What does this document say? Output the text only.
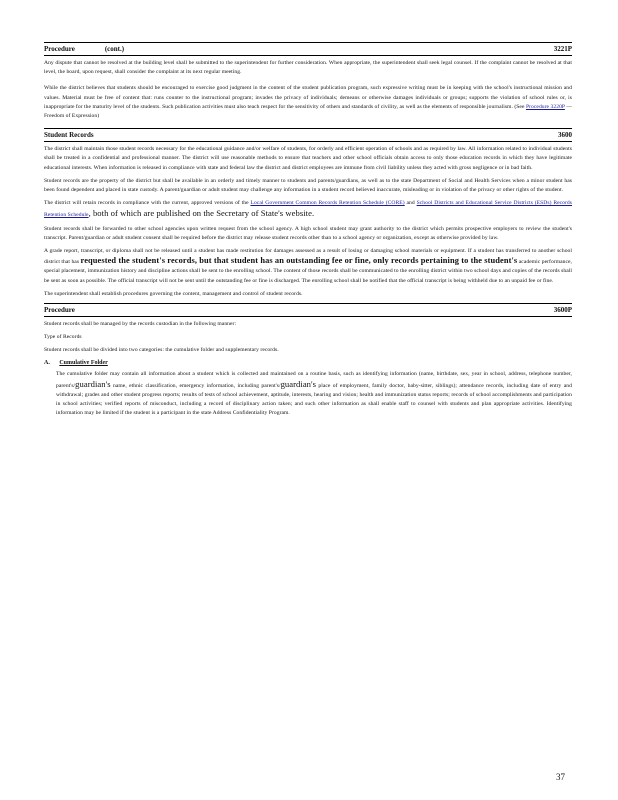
Procedure	(cont.)	3221P

Any dispute that cannot be resolved at the building level shall be submitted to the superintendent for further consideration. When appropriate, the superintendent shall seek legal counsel. If the complaint cannot be resolved at that level, the board, upon request, shall consider the complaint at its next regular meeting.

While the district believes that students should be encouraged to exercise good judgment in the content of the student publication program, such expressive writing must be in keeping with the school's instructional mission and values. Material must be free of content that: runs counter to the instructional program; invades the privacy of individuals; demeans or otherwise damages individuals or groups; supports the violation of school rules or, is inappropriate for the maturity level of the students. Such publication activities must also teach respect for the sensitivity of others and standards of civility, as well as the elements of responsible journalism. (See Procedure 3220P — Freedom of Expression)

Student Records	3600

The district shall maintain those student records necessary for the educational guidance and/or welfare of students, for orderly and efficient operation of schools and as required by law. All information related to individual students shall be treated in a confidential and professional manner. The district will use reasonable methods to ensure that teachers and other school officials obtain access to only those education records in which they have legitimate educational interests. When information is released in compliance with state and federal law the district and district employees are immune from civil liability unless they acted with gross negligence or in bad faith.

Student records are the property of the district but shall be available in an orderly and timely manner to students and parents/guardians, as well as to the state Department of Social and Health Services when a minor student has been found dependent and placed in state custody. A parent/guardian or adult student may challenge any information in a student record believed inaccurate, misleading or in violation of the privacy or other rights of the student.

The district will retain records in compliance with the current, approved versions of the Local Government Common Records Retention Schedule (CORE) and School Districts and Educational Service Districts (ESDs) Records Retention Schedule, both of which are published on the Secretary of State's website.

Student records shall be forwarded to other school agencies upon written request from the school agency. A high school student may grant authority to the district which permits prospective employers to review the student's transcript. Parent/guardian or adult student consent shall be required before the district may release student records other than to a school agency or organization, except as otherwise provided by law.

A grade report, transcript, or diploma shall not be released until a student has made restitution for damages assessed as a result of losing or damaging school materials or equipment. If a student has transferred to another school district that has requested the student's records, but that student has an outstanding fee or fine, only records pertaining to the student's academic performance, special placement, immunization history and discipline actions shall be sent to the enrolling school. The content of those records shall be communicated to the enrolling district within two school days and copies of the records shall be sent as soon as possible. The official transcript will not be sent until the outstanding fee or fine is discharged. The enrolling school shall be notified that the official transcript is being withheld due to an unpaid fee or fine.

The superintendent shall establish procedures governing the content, management and control of student records.

Procedure	3600P

Student records shall be managed by the records custodian in the following manner:

Type of Records

Student records shall be divided into two categories: the cumulative folder and supplementary records.

A. Cumulative Folder

The cumulative folder may contain all information about a student which is collected and maintained on a routine basis, such as identifying information (name, birthdate, sex, year in school, address, telephone number, parent's/guardian's name, ethnic classification, emergency information, including parent's/guardian's place of employment, family doctor, baby-sitter, siblings); attendance records, including date of entry and withdrawal; grades and other student progress reports; results of tests of school achievement, aptitude, interests, hearing and vision; health and immunization status reports; records of school accomplishments and participation in school activities; verified reports of misconduct, including a record of disciplinary action taken; and such other information as shall enable staff to counsel with students and plan appropriate activities. Identifying information may be limited if the student is a participant in the state Address Confidentiality Program.

37
